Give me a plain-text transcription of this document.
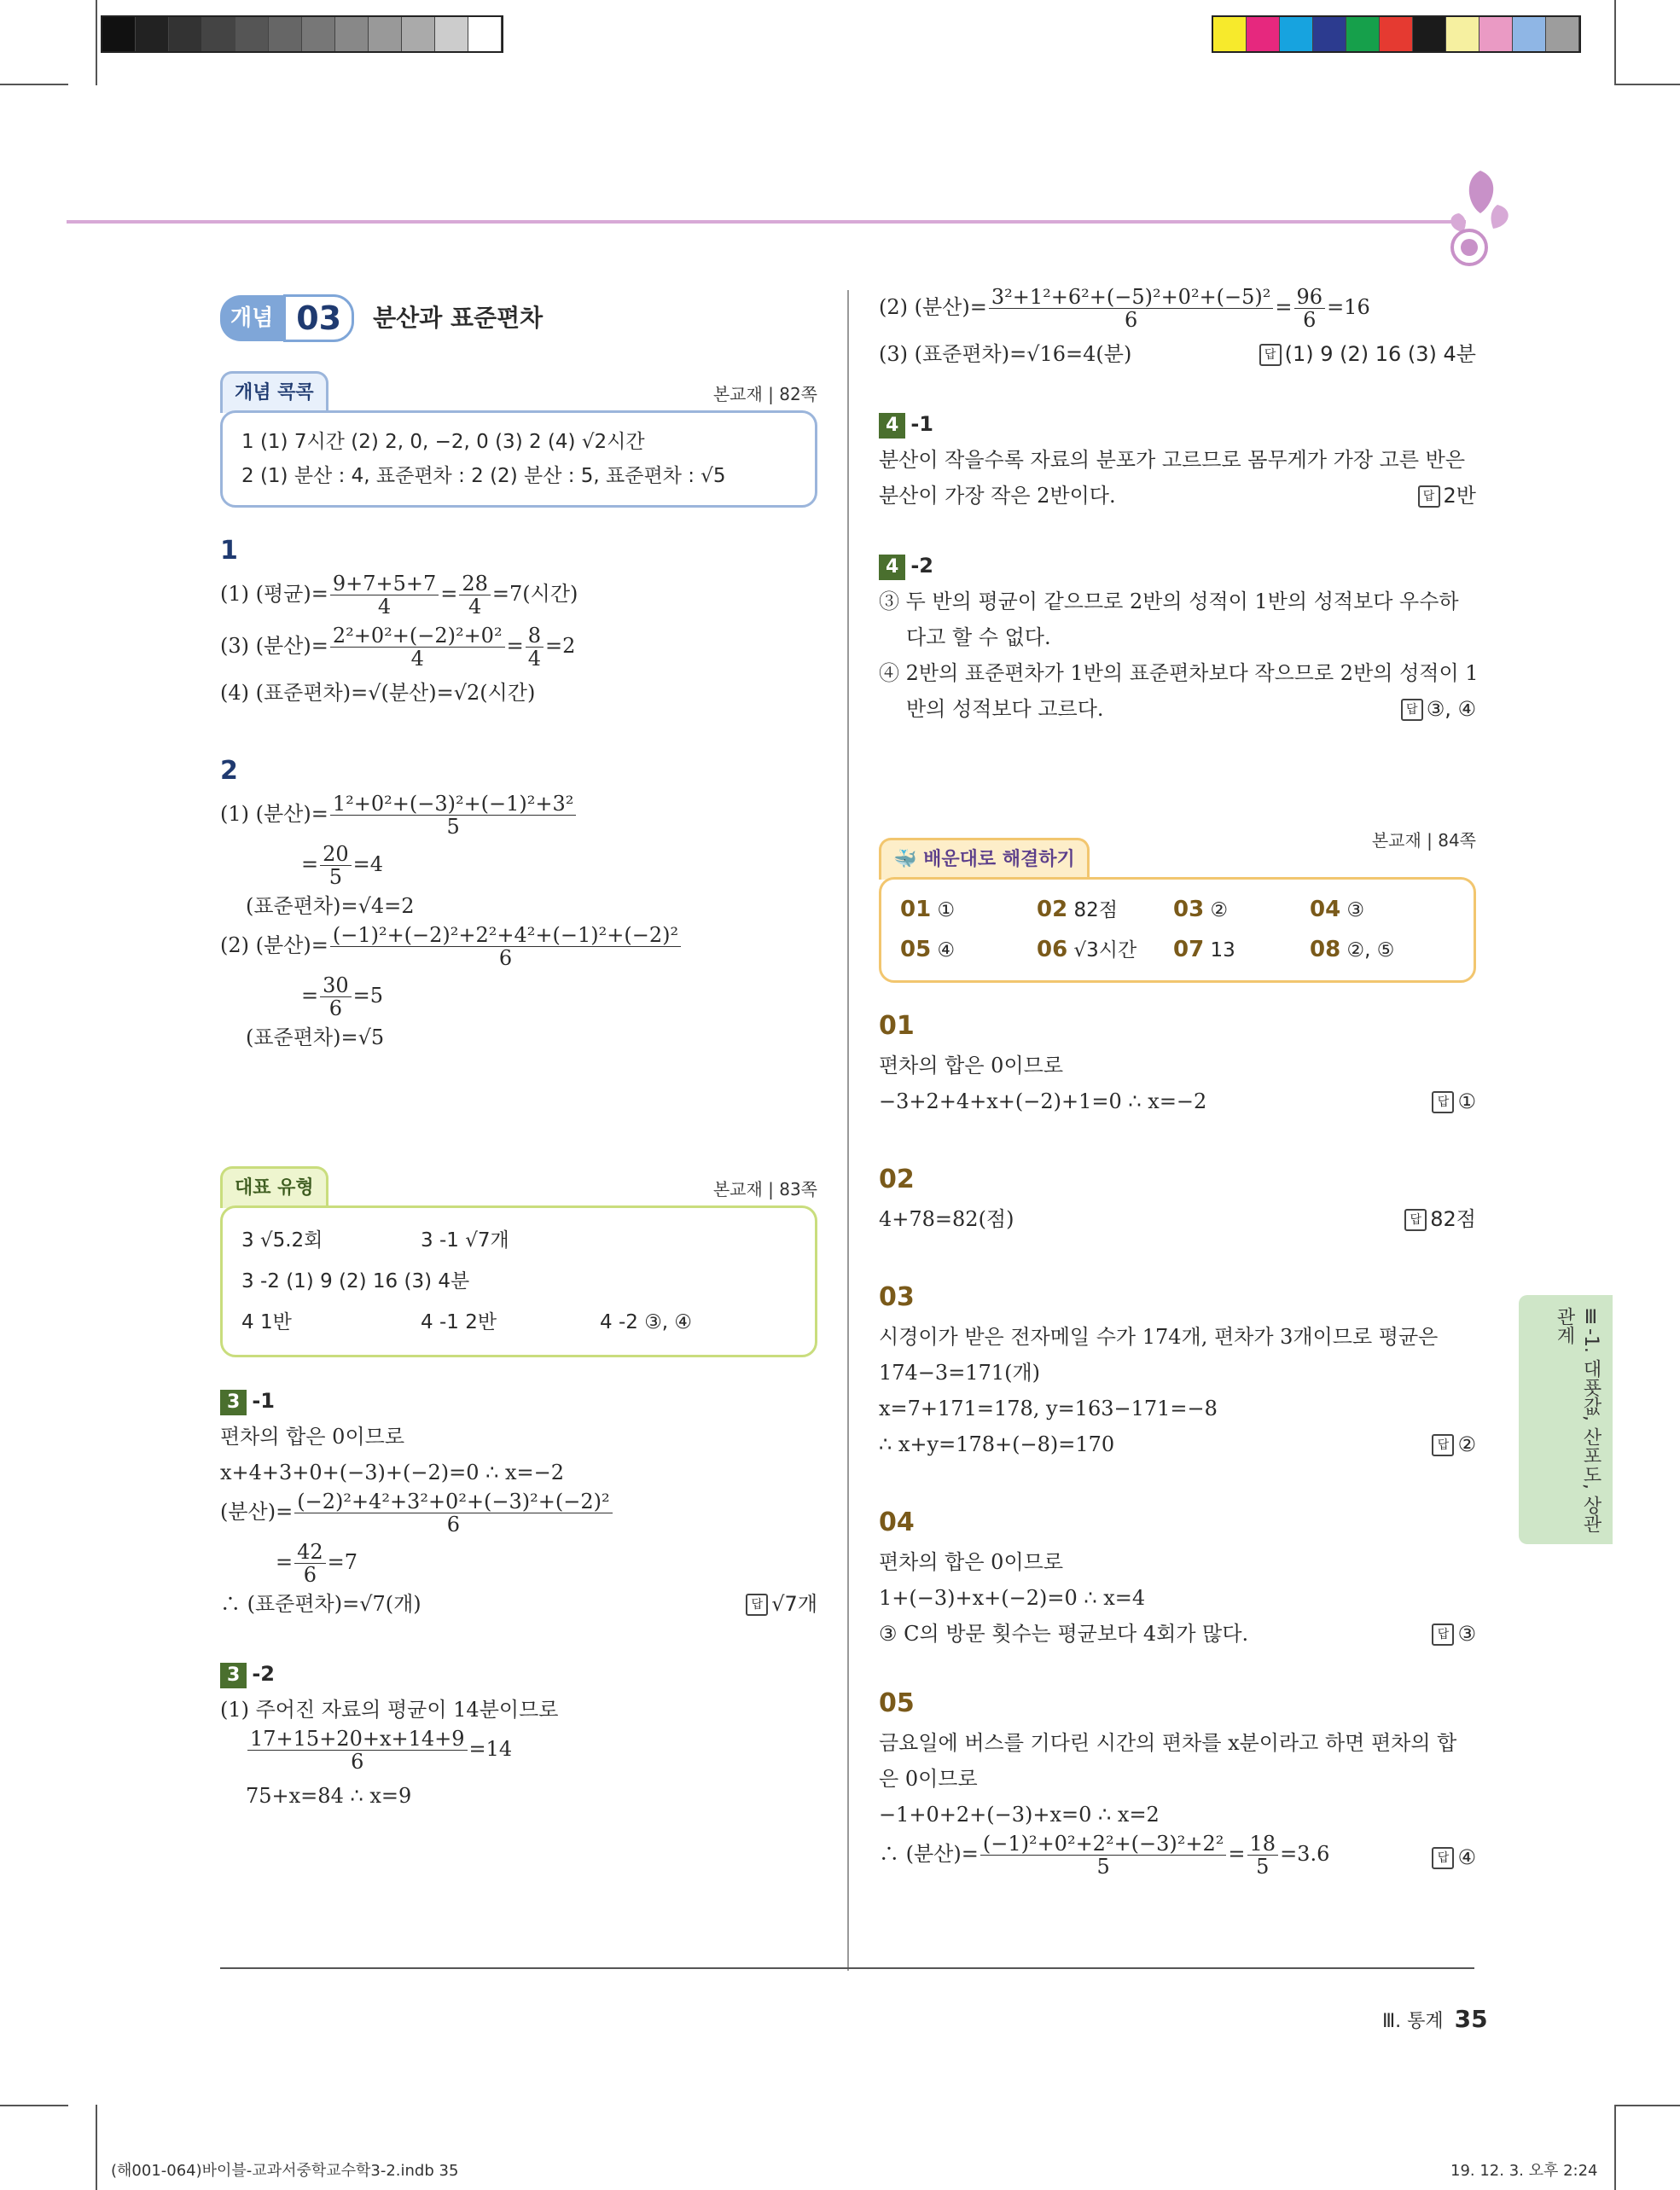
개념 03	분산과 표준편차
개념 콕콕	본교재 | 82쪽
1 (1) 7시간 (2) 2, 0, −2, 0 (3) 2 (4) √2시간
2 (1) 분산 : 4, 표준편차 : 2 (2) 분산 : 5, 표준편차 : √5
1
(1) (평균)= $\frac{9+7+5+7}{4} = \frac{28}{4} =7$(시간)
(3) (분산)= $\frac{\text{2²+0²+(−2)²+0²}}{4} = \frac{8}{4} =2$
(4) (표준편차)=√(분산)=√2(시간)
2
(1) (분산)= $\frac{\text{1²+0²+(−3)²+(−1)²+3²}}{5}$
= $\frac{20}{5} =4$
(표준편차)=√4=2
(2) (분산)= $\frac{\text{(−1)²+(−2)²+2²+4²+(−1)²+(−2)²}}{6}$
= $\frac{30}{6} =5$
(표준편차)=√5
대표 유형	본교재 | 83쪽
3 √5.2회	3 -1 √7개
3 -2 (1) 9 (2) 16 (3) 4분
4 1반	4 -1 2반	4 -2 ③, ④
3 -1
편차의 합은 0이므로
x+4+3+0+(−3)+(−2)=0 ∴ x=−2
(분산)= $\frac{\text{(−2)²+4²+3²+0²+(−3)²+(−2)²}}{6}$
= $\frac{42}{6} =7$
∴ (표준편차)=√7(개)	답 √7개
3 -2
(1) 주어진 자료의 평균이 14분이므로
$\frac{17+15+20+x+14+9}{6} =14$
75+x=84 ∴ x=9
(2) (분산)= $\frac{\text{3²+1²+6²+(−5)²+0²+(−5)²}}{6} = \frac{96}{6} =16$
(3) (표준편차)=√16=4(분)	답 (1) 9 (2) 16 (3) 4분
4 -1
분산이 작을수록 자료의 분포가 고르므로 몸무게가 가장 고른 반은
분산이 가장 작은 2반이다.	답 2반
4 -2
③ 두 반의 평균이 같으므로 2반의 성적이 1반의 성적보다 우수하
다고 할 수 없다.
④ 2반의 표준편차가 1반의 표준편차보다 작으므로 2반의 성적이 1
반의 성적보다 고르다.	답 ③, ④
🐳 배운대로 해결하기
본교재 | 84쪽
01 ①	02 82점	03 ②	04 ③
05 ④	06 √3시간	07 13	08 ②, ⑤
01
편차의 합은 0이므로
−3+2+4+x+(−2)+1=0 ∴ x=−2	답 ①
02
4+78=82(점)	답 82점
03
시경이가 받은 전자메일 수가 174개, 편차가 3개이므로 평균은
174−3=171(개)
x=7+171=178, y=163−171=−8
∴ x+y=178+(−8)=170	답 ②
04
편차의 합은 0이므로
1+(−3)+x+(−2)=0 ∴ x=4
③ C의 방문 횟수는 평균보다 4회가 많다.	답 ③
05
금요일에 버스를 기다린 시간의 편차를 x분이라고 하면 편차의 합
은 0이므로
−1+0+2+(−3)+x=0 ∴ x=2
∴ (분산)= $\frac{\text{(−1)²+0²+2²+(−3)²+2²}}{5} = \frac{18}{5} =3.6$	답 ④
Ⅲ-1. 대푯값, 산포도, 상관관계
Ⅲ. 통계 35
(해001-064)바이블-교과서중학교수학3-2.indb 35	19. 12. 3. 오후 2:24
